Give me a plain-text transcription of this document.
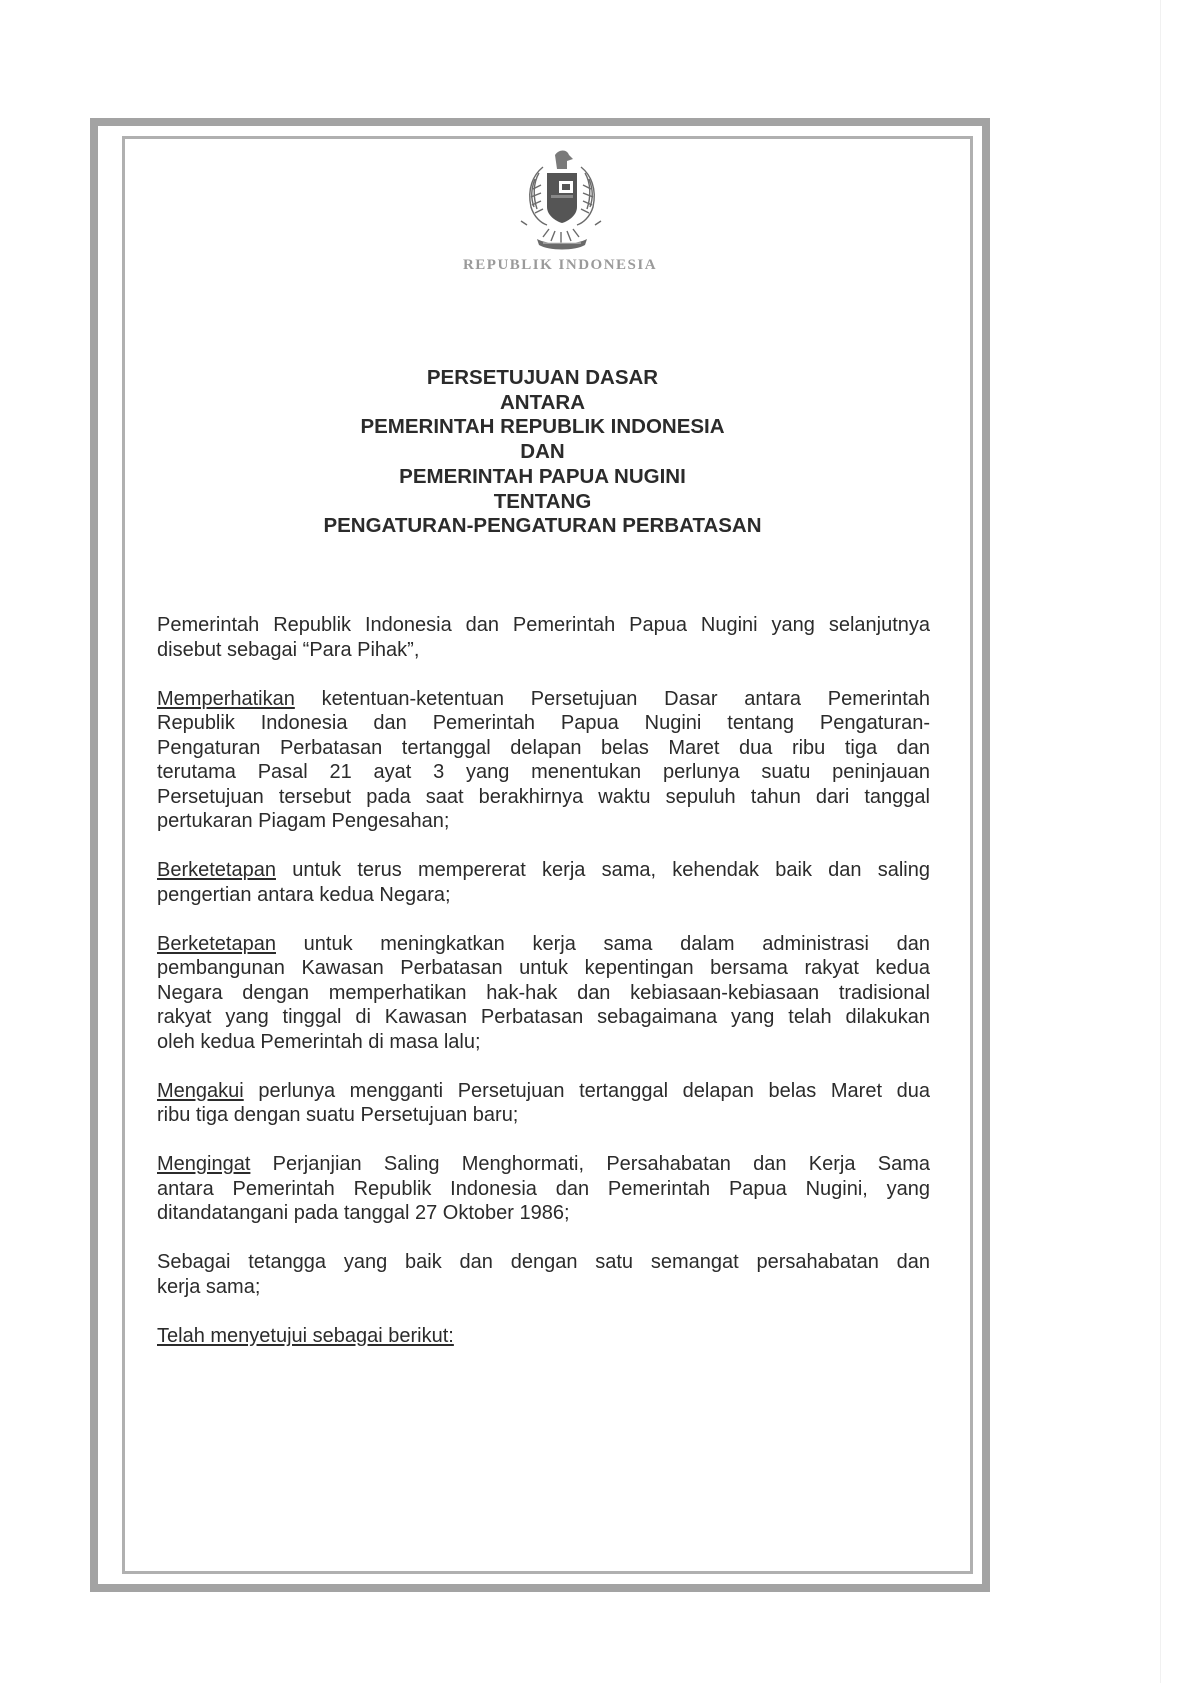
REPUBLIK INDONESIA
PERSETUJUAN DASAR
ANTARA
PEMERINTAH REPUBLIK INDONESIA
DAN
PEMERINTAH PAPUA NUGINI
TENTANG
PENGATURAN-PENGATURAN PERBATASAN
Pemerintah Republik Indonesia dan Pemerintah Papua Nugini yang selanjutnya
disebut sebagai “Para Pihak”,
Memperhatikan ketentuan-ketentuan Persetujuan Dasar antara Pemerintah
Republik Indonesia dan Pemerintah Papua Nugini tentang Pengaturan-
Pengaturan Perbatasan tertanggal delapan belas Maret dua ribu tiga dan
terutama Pasal 21 ayat 3 yang menentukan perlunya suatu peninjauan
Persetujuan tersebut pada saat berakhirnya waktu sepuluh tahun dari tanggal
pertukaran Piagam Pengesahan;
Berketetapan untuk terus mempererat kerja sama, kehendak baik dan saling
pengertian antara kedua Negara;
Berketetapan untuk meningkatkan kerja sama dalam administrasi dan
pembangunan Kawasan Perbatasan untuk kepentingan bersama rakyat kedua
Negara dengan memperhatikan hak-hak dan kebiasaan-kebiasaan tradisional
rakyat yang tinggal di Kawasan Perbatasan sebagaimana yang telah dilakukan
oleh kedua Pemerintah di masa lalu;
Mengakui perlunya mengganti Persetujuan tertanggal delapan belas Maret dua
ribu tiga dengan suatu Persetujuan baru;
Mengingat Perjanjian Saling Menghormati, Persahabatan dan Kerja Sama
antara Pemerintah Republik Indonesia dan Pemerintah Papua Nugini, yang
ditandatangani pada tanggal 27 Oktober 1986;
Sebagai tetangga yang baik dan dengan satu semangat persahabatan dan
kerja sama;
Telah menyetujui sebagai berikut:
